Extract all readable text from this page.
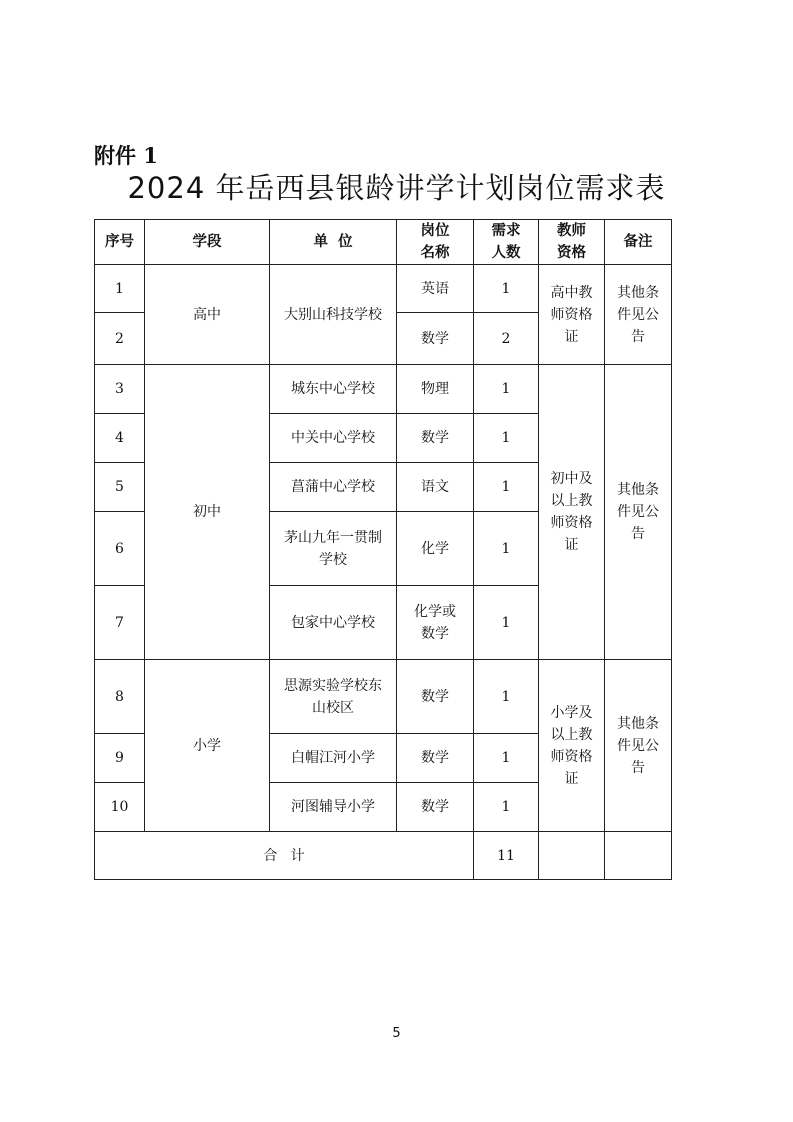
附件 1
2024 年岳西县银龄讲学计划岗位需求表
序号	学段	单  位	岗位名称	需求人数	教师资格	备注
1	高中	大别山科技学校	英语	1	高中教师资格证	其他条件见公告
2			数学	2		
3	初中	城东中心学校	物理	1	初中及以上教师资格证	其他条件见公告
4		中关中心学校	数学	1		
5		菖蒲中心学校	语文	1		
6		茅山九年一贯制学校	化学	1		
7		包家中心学校	化学或数学	1		
8	小学	思源实验学校东山校区	数学	1	小学及以上教师资格证	其他条件见公告
9		白帽江河小学	数学	1		
10		河图辅导小学	数学	1		
合   计				11		
5
